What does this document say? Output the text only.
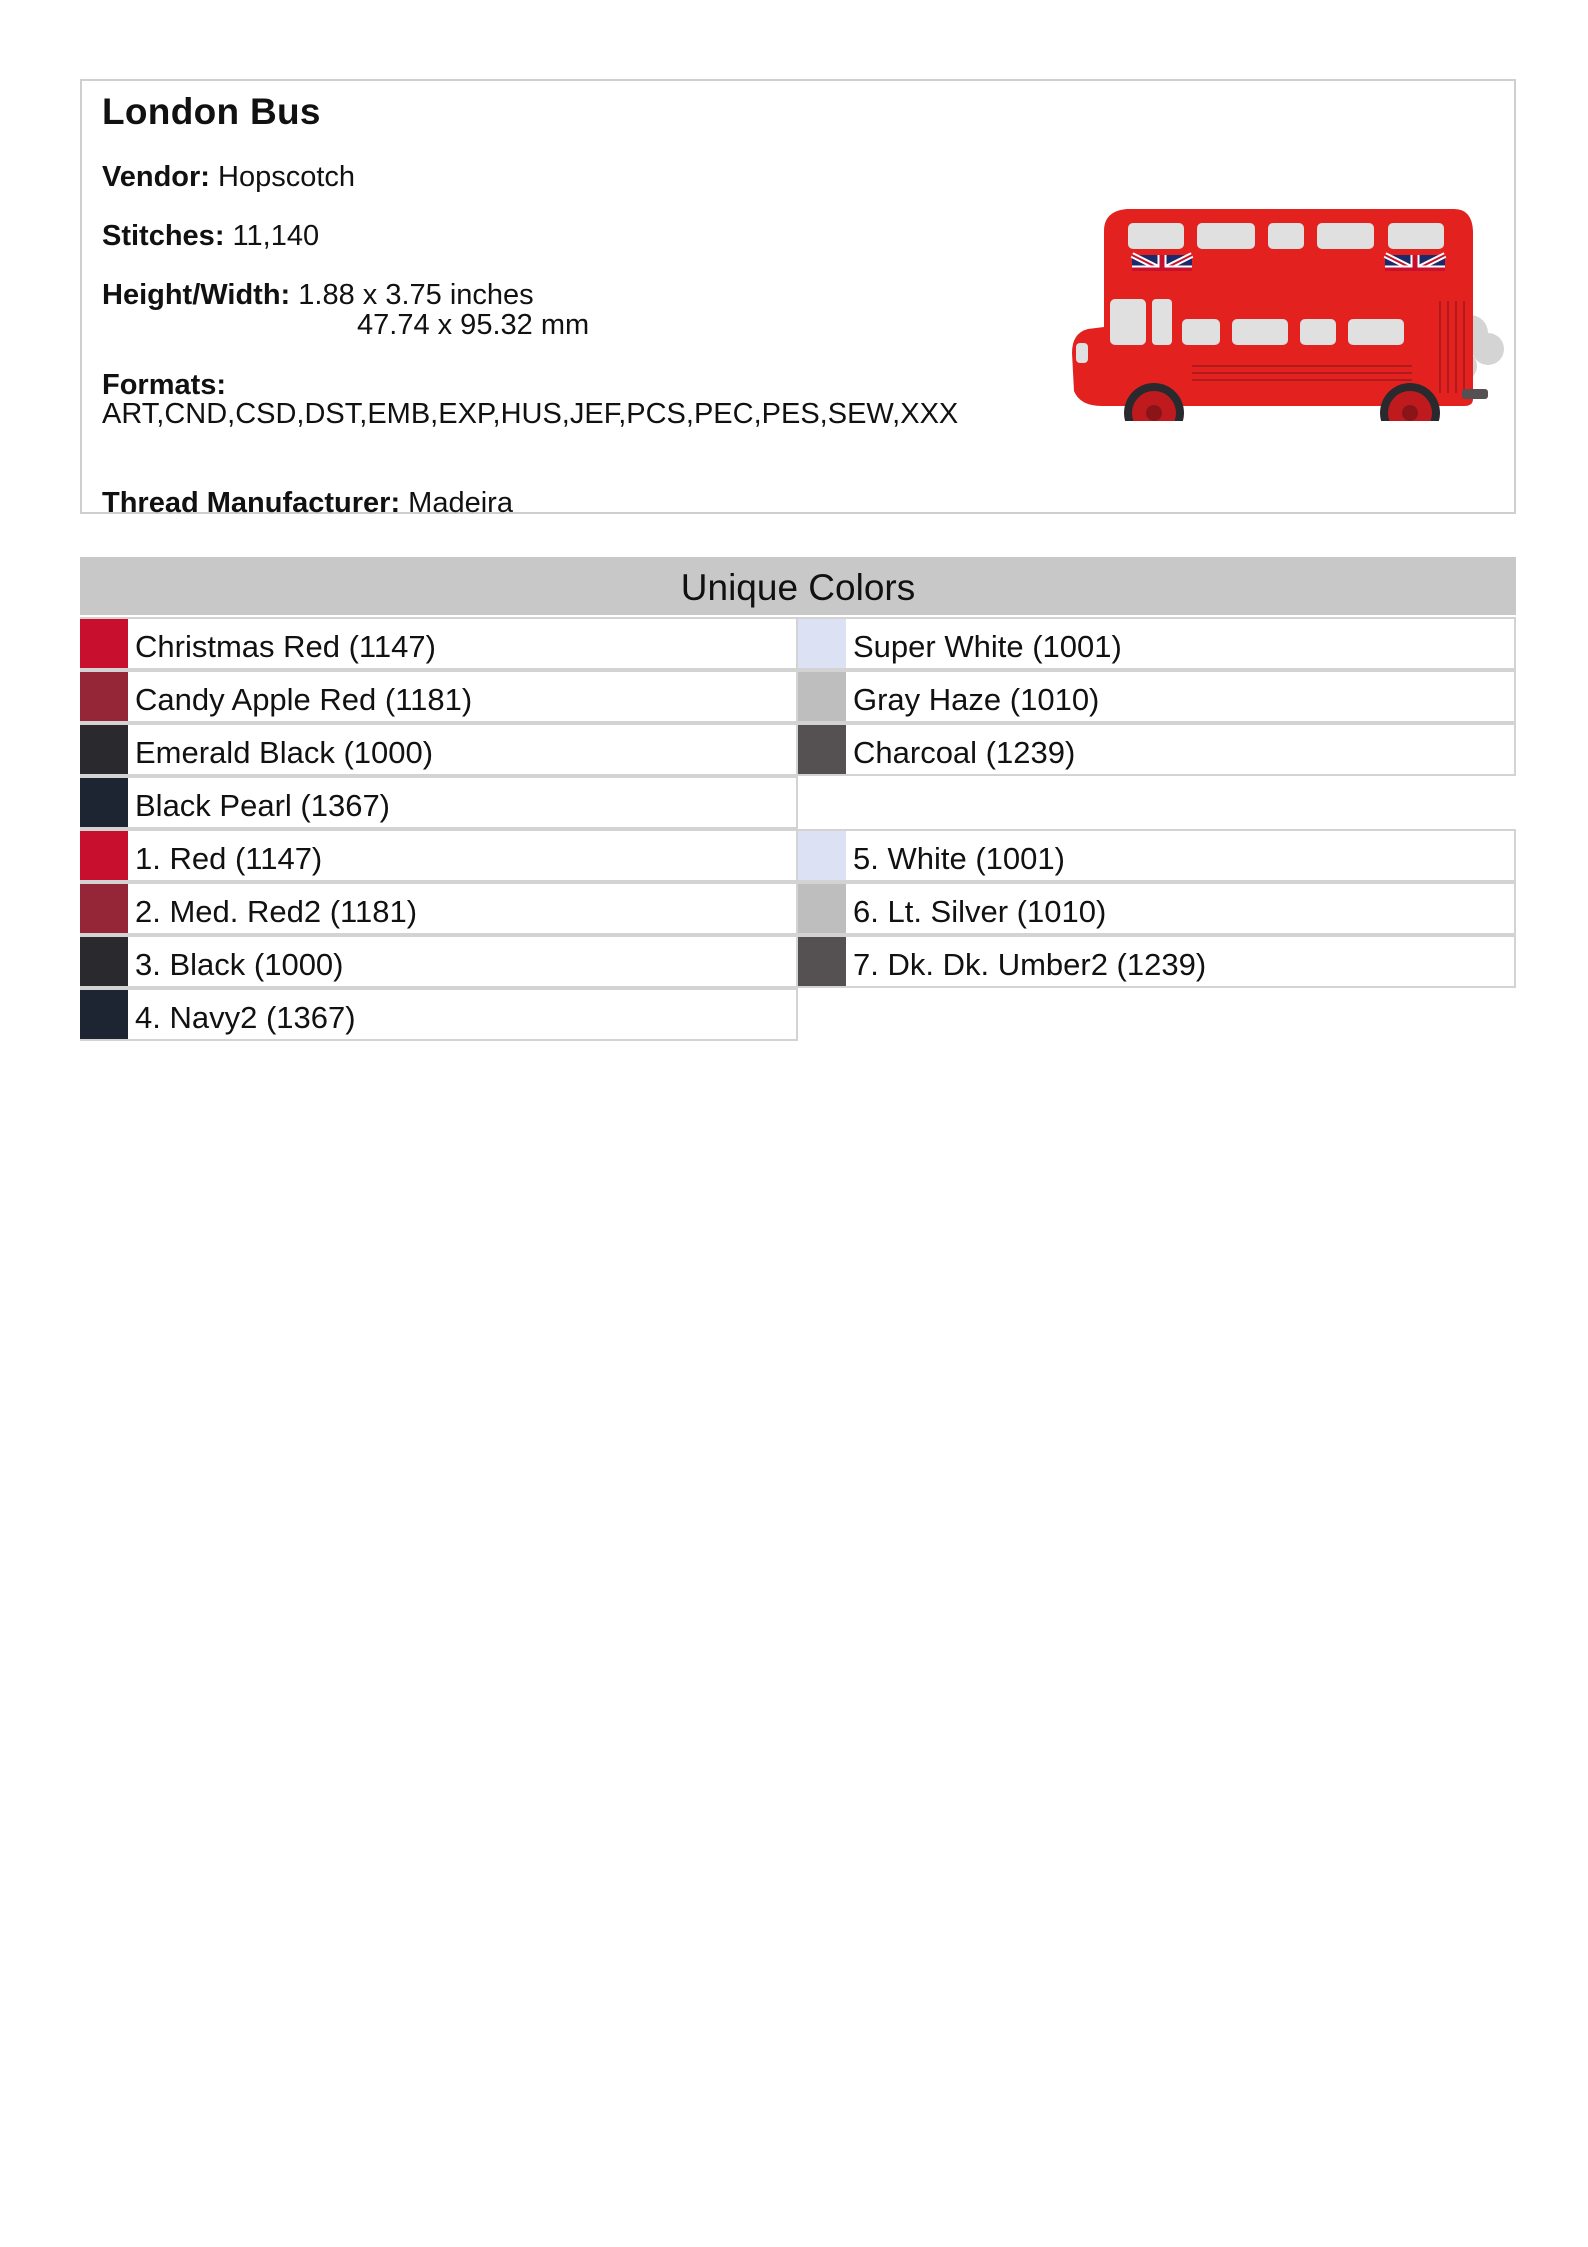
London Bus
Vendor: Hopscotch
Stitches: 11,140
Height/Width: 1.88 x 3.75 inches
47.74 x 95.32 mm
Formats:
ART,CND,CSD,DST,EMB,EXP,HUS,JEF,PCS,PEC,PES,SEW,XXX
Thread Manufacturer: Madeira
Unique Colors
Christmas Red (1147)	Super White (1001)
Candy Apple Red (1181)	Gray Haze (1010)
Emerald Black (1000)	Charcoal (1239)
Black Pearl (1367)
1. Red (1147)	5. White (1001)
2. Med. Red2 (1181)	6. Lt. Silver (1010)
3. Black (1000)	7. Dk. Dk. Umber2 (1239)
4. Navy2 (1367)
